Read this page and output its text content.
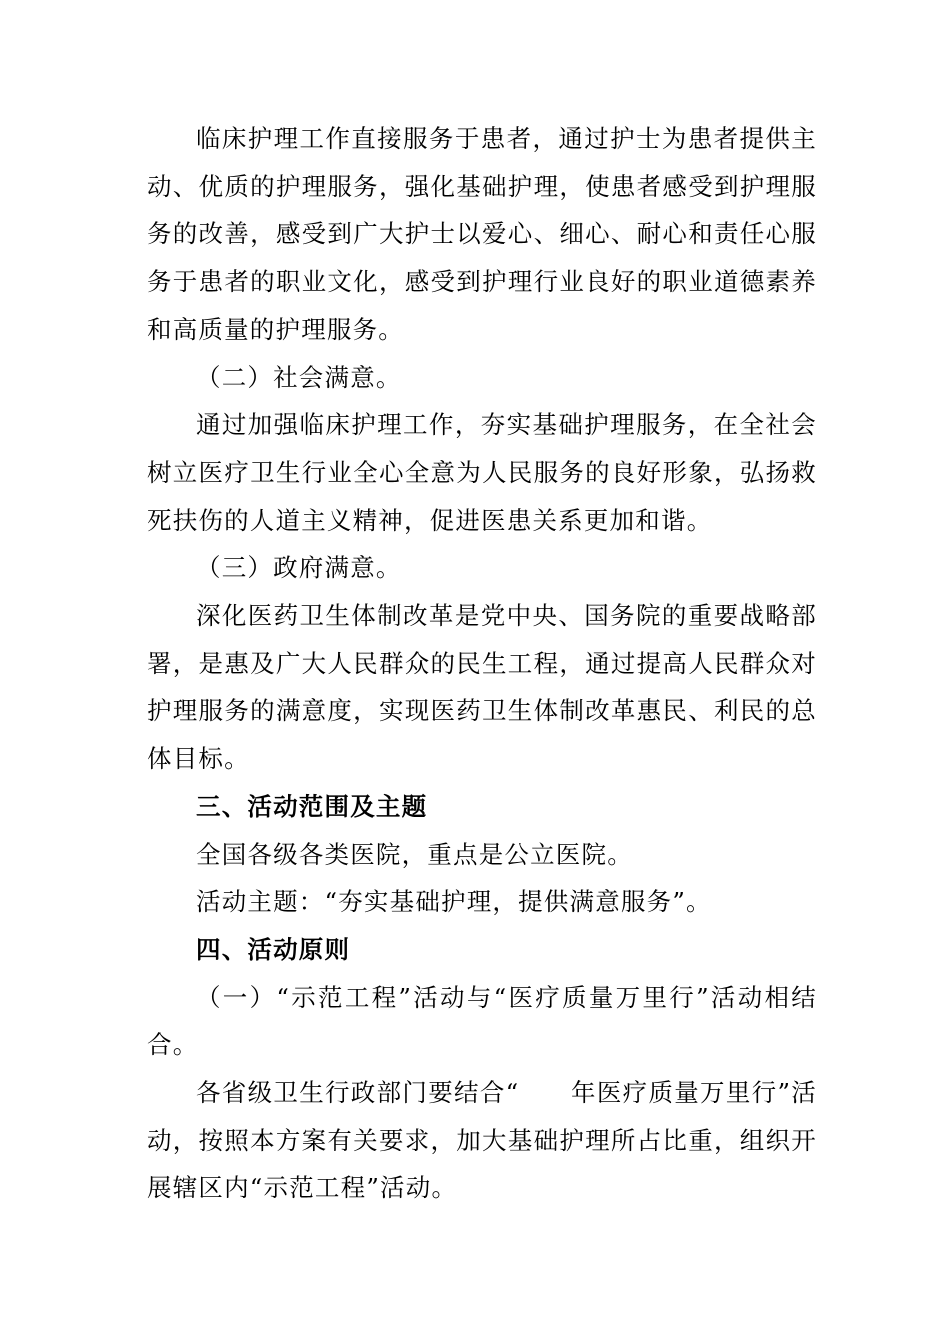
临床护理工作直接服务于患者，通过护士为患者提供主动、优质的护理服务，强化基础护理，使患者感受到护理服务的改善，感受到广大护士以爱心、细心、耐心和责任心服务于患者的职业文化，感受到护理行业良好的职业道德素养和高质量的护理服务。

（二）社会满意。

通过加强临床护理工作，夯实基础护理服务，在全社会树立医疗卫生行业全心全意为人民服务的良好形象，弘扬救死扶伤的人道主义精神，促进医患关系更加和谐。

（三）政府满意。

深化医药卫生体制改革是党中央、国务院的重要战略部署，是惠及广大人民群众的民生工程，通过提高人民群众对护理服务的满意度，实现医药卫生体制改革惠民、利民的总体目标。

三、活动范围及主题

全国各级各类医院，重点是公立医院。

活动主题：“夯实基础护理，提供满意服务”。

四、活动原则

（一）“示范工程”活动与“医疗质量万里行”活动相结合。

各省级卫生行政部门要结合“　　年医疗质量万里行”活动，按照本方案有关要求，加大基础护理所占比重，组织开展辖区内“示范工程”活动。
